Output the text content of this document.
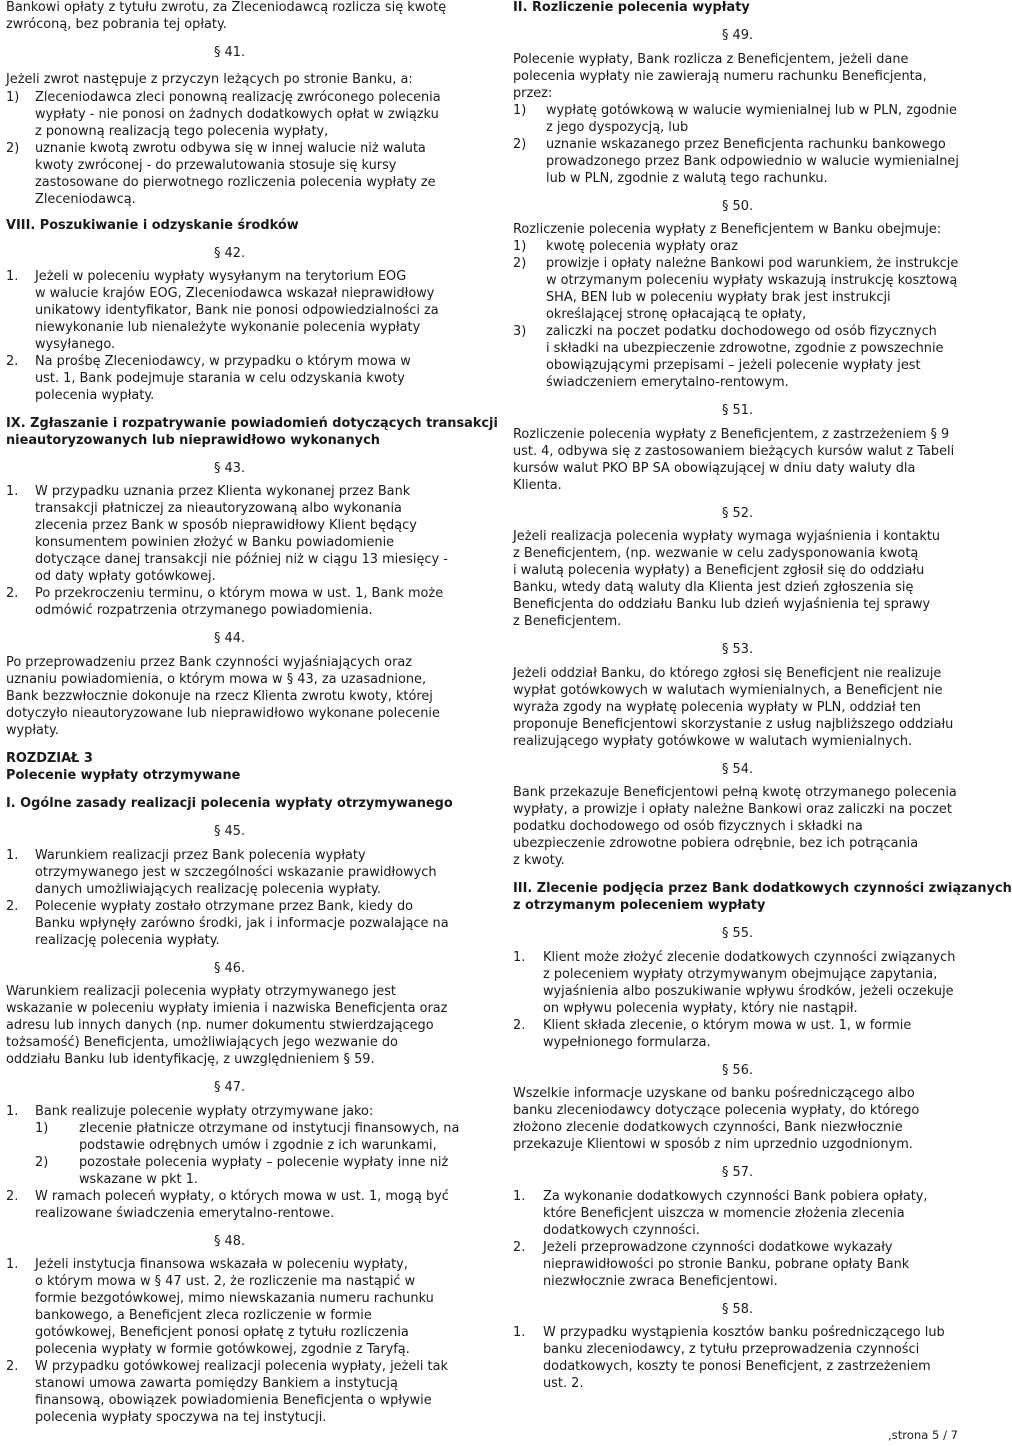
Bankowi opłaty z tytułu zwrotu, za Zleceniodawcą rozlicza się kwotę
zwróconą, bez pobrania tej opłaty.
§ 41.
Jeżeli zwrot następuje z przyczyn leżących po stronie Banku, a:
1) Zleceniodawca zleci ponowną realizację zwróconego polecenia
wypłaty - nie ponosi on żadnych dodatkowych opłat w związku
z ponowną realizacją tego polecenia wypłaty,
2) uznanie kwotą zwrotu odbywa się w innej walucie niż waluta
kwoty zwróconej - do przewalutowania stosuje się kursy
zastosowane do pierwotnego rozliczenia polecenia wypłaty ze
Zleceniodawcą.
VIII. Poszukiwanie i odzyskanie środków
§ 42.
1. Jeżeli w poleceniu wypłaty wysyłanym na terytorium EOG
w walucie krajów EOG, Zleceniodawca wskazał nieprawidłowy
unikatowy identyfikator, Bank nie ponosi odpowiedzialności za
niewykonanie lub nienależyte wykonanie polecenia wypłaty
wysyłanego.
2. Na prośbę Zleceniodawcy, w przypadku o którym mowa w
ust. 1, Bank podejmuje starania w celu odzyskania kwoty
polecenia wypłaty.
IX. Zgłaszanie i rozpatrywanie powiadomień dotyczących transakcji
nieautoryzowanych lub nieprawidłowo wykonanych
§ 43.
1. W przypadku uznania przez Klienta wykonanej przez Bank
transakcji płatniczej za nieautoryzowaną albo wykonania
zlecenia przez Bank w sposób nieprawidłowy Klient będący
konsumentem powinien złożyć w Banku powiadomienie
dotyczące danej transakcji nie później niż w ciągu 13 miesięcy -
od daty wpłaty gotówkowej.
2. Po przekroczeniu terminu, o którym mowa w ust. 1, Bank może
odmówić rozpatrzenia otrzymanego powiadomienia.
§ 44.
Po przeprowadzeniu przez Bank czynności wyjaśniających oraz
uznaniu powiadomienia, o którym mowa w § 43, za uzasadnione,
Bank bezzwłocznie dokonuje na rzecz Klienta zwrotu kwoty, której
dotyczyło nieautoryzowane lub nieprawidłowo wykonane polecenie
wypłaty.
ROZDZIAŁ 3
Polecenie wypłaty otrzymywane
I. Ogólne zasady realizacji polecenia wypłaty otrzymywanego
§ 45.
1. Warunkiem realizacji przez Bank polecenia wypłaty
otrzymywanego jest w szczególności wskazanie prawidłowych
danych umożliwiających realizację polecenia wypłaty.
2. Polecenie wypłaty zostało otrzymane przez Bank, kiedy do
Banku wpłynęły zarówno środki, jak i informacje pozwalające na
realizację polecenia wypłaty.
§ 46.
Warunkiem realizacji polecenia wypłaty otrzymywanego jest
wskazanie w poleceniu wypłaty imienia i nazwiska Beneficjenta oraz
adresu lub innych danych (np. numer dokumentu stwierdzającego
tożsamość) Beneficjenta, umożliwiających jego wezwanie do
oddziału Banku lub identyfikację, z uwzględnieniem § 59.
§ 47.
1. Bank realizuje polecenie wypłaty otrzymywane jako:
1) zlecenie płatnicze otrzymane od instytucji finansowych, na
podstawie odrębnych umów i zgodnie z ich warunkami,
2) pozostałe polecenia wypłaty – polecenie wypłaty inne niż
wskazane w pkt 1.
2. W ramach poleceń wypłaty, o których mowa w ust. 1, mogą być
realizowane świadczenia emerytalno-rentowe.
§ 48.
1. Jeżeli instytucja finansowa wskazała w poleceniu wypłaty,
o którym mowa w § 47 ust. 2, że rozliczenie ma nastąpić w
formie bezgotówkowej, mimo niewskazania numeru rachunku
bankowego, a Beneficjent zleca rozliczenie w formie
gotówkowej, Beneficjent ponosi opłatę z tytułu rozliczenia
polecenia wypłaty w formie gotówkowej, zgodnie z Taryfą.
2. W przypadku gotówkowej realizacji polecenia wypłaty, jeżeli tak
stanowi umowa zawarta pomiędzy Bankiem a instytucją
finansową, obowiązek powiadomienia Beneficjenta o wpływie
polecenia wypłaty spoczywa na tej instytucji.
II. Rozliczenie polecenia wypłaty
§ 49.
Polecenie wypłaty, Bank rozlicza z Beneficjentem, jeżeli dane
polecenia wypłaty nie zawierają numeru rachunku Beneficjenta,
przez:
1) wypłatę gotówkową w walucie wymienialnej lub w PLN, zgodnie
z jego dyspozycją, lub
2) uznanie wskazanego przez Beneficjenta rachunku bankowego
prowadzonego przez Bank odpowiednio w walucie wymienialnej
lub w PLN, zgodnie z walutą tego rachunku.
§ 50.
Rozliczenie polecenia wypłaty z Beneficjentem w Banku obejmuje:
1) kwotę polecenia wypłaty oraz
2) prowizje i opłaty należne Bankowi pod warunkiem, że instrukcje
w otrzymanym poleceniu wypłaty wskazują instrukcję kosztową
SHA, BEN lub w poleceniu wypłaty brak jest instrukcji
określającej stronę opłacającą te opłaty,
3) zaliczki na poczet podatku dochodowego od osób fizycznych
i składki na ubezpieczenie zdrowotne, zgodnie z powszechnie
obowiązującymi przepisami – jeżeli polecenie wypłaty jest
świadczeniem emerytalno-rentowym.
§ 51.
Rozliczenie polecenia wypłaty z Beneficjentem, z zastrzeżeniem § 9
ust. 4, odbywa się z zastosowaniem bieżących kursów walut z Tabeli
kursów walut PKO BP SA obowiązującej w dniu daty waluty dla
Klienta.
§ 52.
Jeżeli realizacja polecenia wypłaty wymaga wyjaśnienia i kontaktu
z Beneficjentem, (np. wezwanie w celu zadysponowania kwotą
i walutą polecenia wypłaty) a Beneficjent zgłosił się do oddziału
Banku, wtedy datą waluty dla Klienta jest dzień zgłoszenia się
Beneficjenta do oddziału Banku lub dzień wyjaśnienia tej sprawy
z Beneficjentem.
§ 53.
Jeżeli oddział Banku, do którego zgłosi się Beneficjent nie realizuje
wypłat gotówkowych w walutach wymienialnych, a Beneficjent nie
wyraża zgody na wypłatę polecenia wypłaty w PLN, oddział ten
proponuje Beneficjentowi skorzystanie z usług najbliższego oddziału
realizującego wypłaty gotówkowe w walutach wymienialnych.
§ 54.
Bank przekazuje Beneficjentowi pełną kwotę otrzymanego polecenia
wypłaty, a prowizje i opłaty należne Bankowi oraz zaliczki na poczet
podatku dochodowego od osób fizycznych i składki na
ubezpieczenie zdrowotne pobiera odrębnie, bez ich potrącania
z kwoty.
III. Zlecenie podjęcia przez Bank dodatkowych czynności związanych
z otrzymanym poleceniem wypłaty
§ 55.
1. Klient może złożyć zlecenie dodatkowych czynności związanych
z poleceniem wypłaty otrzymywanym obejmujące zapytania,
wyjaśnienia albo poszukiwanie wpływu środków, jeżeli oczekuje
on wpływu polecenia wypłaty, który nie nastąpił.
2. Klient składa zlecenie, o którym mowa w ust. 1, w formie
wypełnionego formularza.
§ 56.
Wszelkie informacje uzyskane od banku pośredniczącego albo
banku zleceniodawcy dotyczące polecenia wypłaty, do którego
złożono zlecenie dodatkowych czynności, Bank niezwłocznie
przekazuje Klientowi w sposób z nim uprzednio uzgodnionym.
§ 57.
1. Za wykonanie dodatkowych czynności Bank pobiera opłaty,
które Beneficjent uiszcza w momencie złożenia zlecenia
dodatkowych czynności.
2. Jeżeli przeprowadzone czynności dodatkowe wykazały
nieprawidłowości po stronie Banku, pobrane opłaty Bank
niezwłocznie zwraca Beneficjentowi.
§ 58.
1. W przypadku wystąpienia kosztów banku pośredniczącego lub
banku zleceniodawcy, z tytułu przeprowadzenia czynności
dodatkowych, koszty te ponosi Beneficjent, z zastrzeżeniem
ust. 2.
,strona 5 / 7
